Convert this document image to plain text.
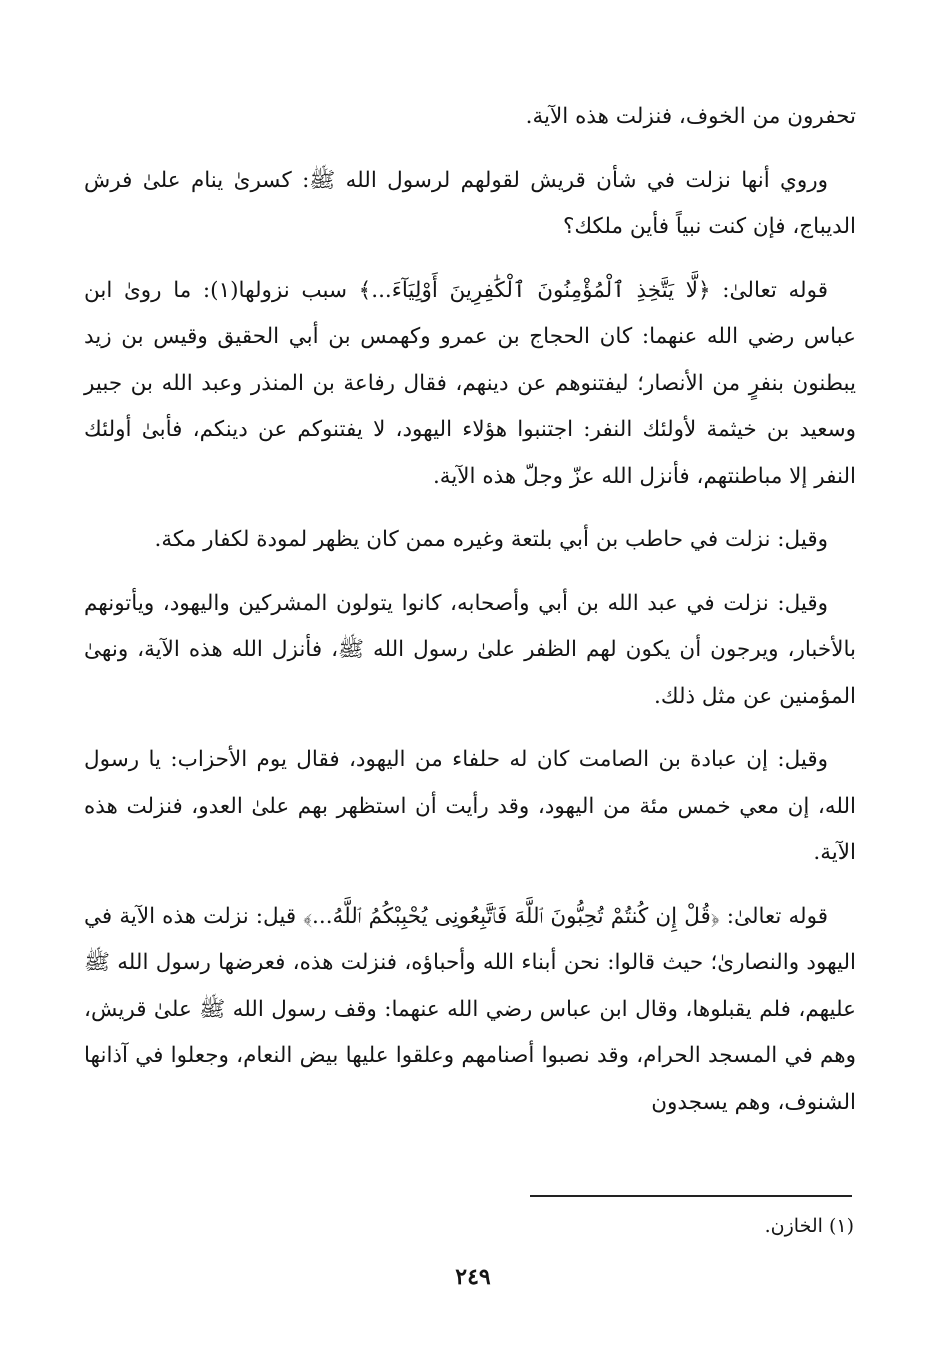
تحفرون من الخوف، فنزلت هذه الآية.

وروي أنها نزلت في شأن قريش لقولهم لرسول الله ﷺ: كسرىٰ ينام علىٰ فرش الديباج، فإن كنت نبياً فأين ملكك؟

قوله تعالىٰ: ﴿لَّا يَتَّخِذِ ٱلْمُؤْمِنُونَ ٱلْكَٰفِرِينَ أَوْلِيَآءَ...﴾ سبب نزولها(١): ما روىٰ ابن عباس رضي الله عنهما: كان الحجاج بن عمرو وكهمس بن أبي الحقيق وقيس بن زيد يبطنون بنفرٍ من الأنصار؛ ليفتنوهم عن دينهم، فقال رفاعة بن المنذر وعبد الله بن جبير وسعيد بن خيثمة لأولئك النفر: اجتنبوا هؤلاء اليهود، لا يفتنوكم عن دينكم، فأبىٰ أولئك النفر إلا مباطنتهم، فأنزل الله عزّ وجلّ هذه الآية.

وقيل: نزلت في حاطب بن أبي بلتعة وغيره ممن كان يظهر لمودة لكفار مكة.

وقيل: نزلت في عبد الله بن أبي وأصحابه، كانوا يتولون المشركين واليهود، ويأتونهم بالأخبار، ويرجون أن يكون لهم الظفر علىٰ رسول الله ﷺ، فأنزل الله هذه الآية، ونهىٰ المؤمنين عن مثل ذلك.

وقيل: إن عبادة بن الصامت كان له حلفاء من اليهود، فقال يوم الأحزاب: يا رسول الله، إن معي خمس مئة من اليهود، وقد رأيت أن استظهر بهم علىٰ العدو، فنزلت هذه الآية.

قوله تعالىٰ: ﴿قُلْ إِن كُنتُمْ تُحِبُّونَ ٱللَّهَ فَٱتَّبِعُونِى يُحْبِبْكُمُ ٱللَّهُ...﴾ قيل: نزلت هذه الآية في اليهود والنصارىٰ؛ حيث قالوا: نحن أبناء الله وأحباؤه، فنزلت هذه، فعرضها رسول الله ﷺ عليهم، فلم يقبلوها، وقال ابن عباس رضي الله عنهما: وقف رسول الله ﷺ علىٰ قريش، وهم في المسجد الحرام، وقد نصبوا أصنامهم وعلقوا عليها بيض النعام، وجعلوا في آذانها الشنوف، وهم يسجدون

(١) الخازن.
٢٤٩
